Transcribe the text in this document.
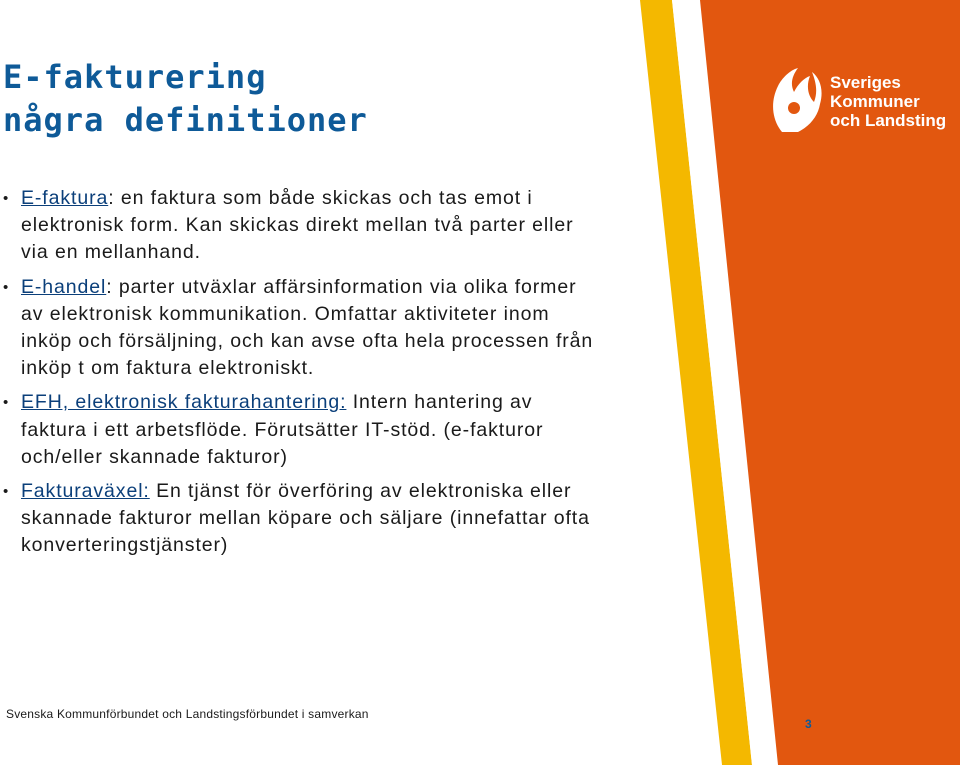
Sveriges
Kommuner
och Landsting
E-fakturering
några definitioner
• E-faktura: en faktura som både skickas och tas emot i elektronisk form. Kan skickas direkt mellan två parter eller via en mellanhand.
• E-handel: parter utväxlar affärsinformation via olika former av elektronisk kommunikation. Omfattar aktiviteter inom inköp och försäljning, och kan avse ofta hela processen från inköp t om faktura elektroniskt.
• EFH, elektronisk fakturahantering: Intern hantering av faktura i ett arbetsflöde. Förutsätter IT-stöd. (e-fakturor och/eller skannade fakturor)
• Fakturaväxel: En tjänst för överföring av elektroniska eller skannade fakturor mellan köpare och säljare (innefattar ofta konverteringstjänster)
Svenska Kommunförbundet och Landstingsförbundet i samverkan
3
